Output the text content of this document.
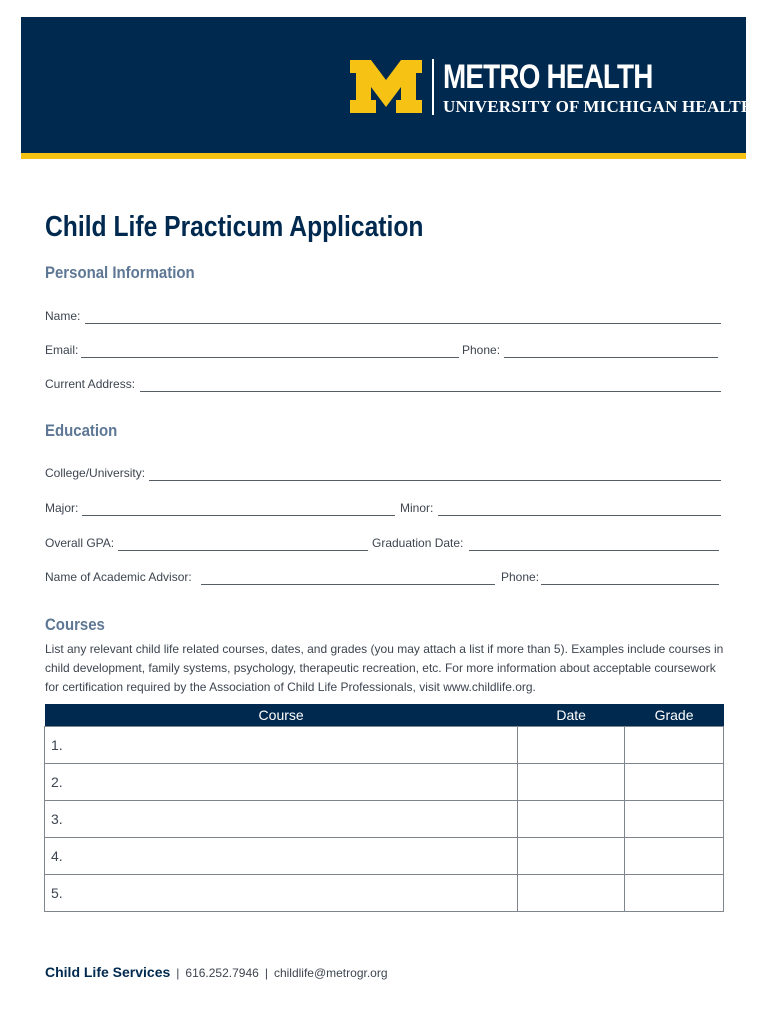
METRO HEALTH
UNIVERSITY OF MICHIGAN HEALTH
Child Life Practicum Application
Personal Information
Name:
Email:	Phone:
Current Address:
Education
College/University:
Major:	Minor:
Overall GPA:	Graduation Date:
Name of Academic Advisor:	Phone:
Courses

List any relevant child life related courses, dates, and grades (you may attach a list if more than 5). Examples include courses in child development, family systems, psychology, therapeutic recreation, etc. For more information about acceptable coursework for certification required by the Association of Child Life Professionals, visit www.childlife.org.

Course	Date	Grade
1.		
2.		
3.		
4.		
5.		
Child Life Services | 616.252.7946 | childlife@metrogr.org
